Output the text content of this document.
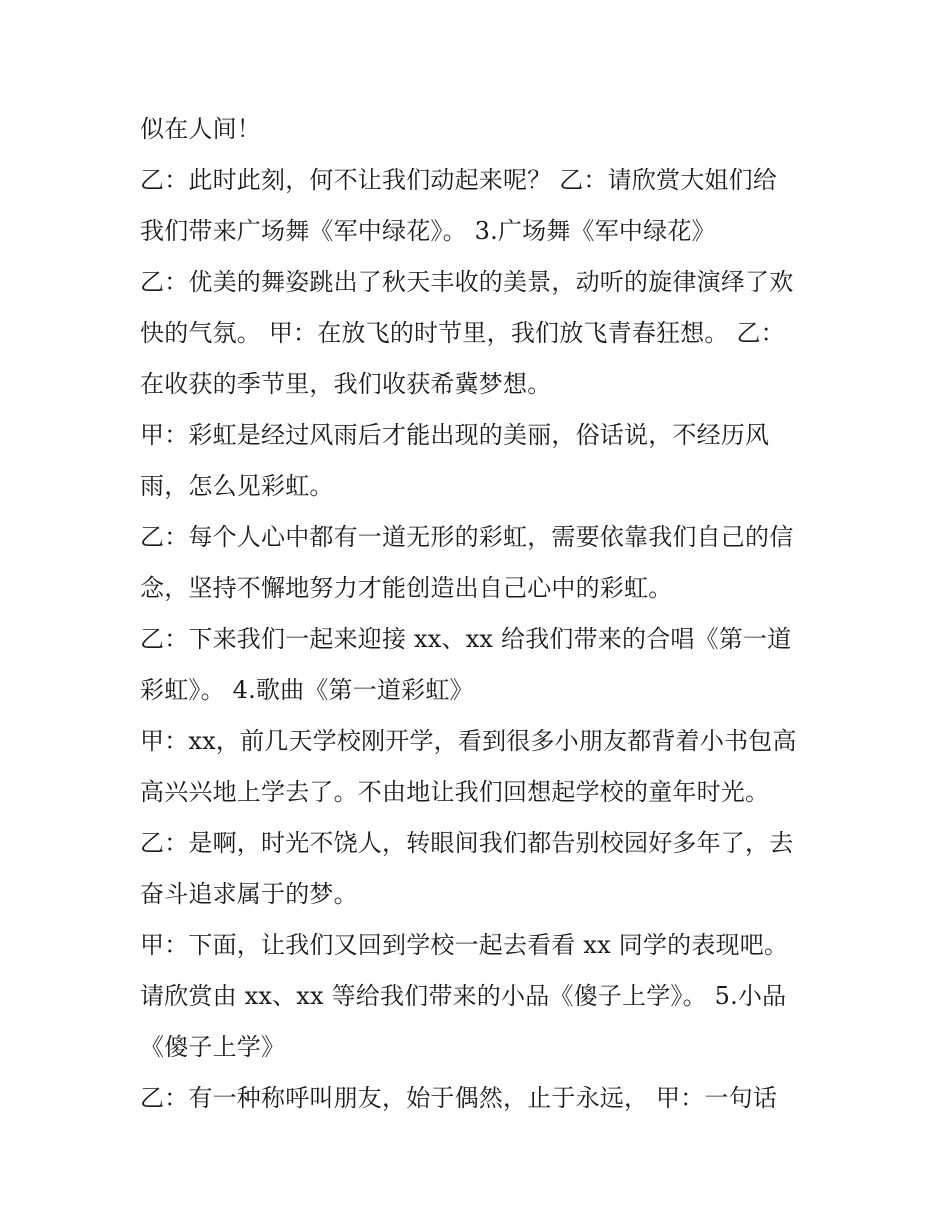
似在人间！
乙：此时此刻，何不让我们动起来呢？ 乙：请欣赏大姐们给
我们带来广场舞《军中绿花》。 3.广场舞《军中绿花》
乙：优美的舞姿跳出了秋天丰收的美景，动听的旋律演绎了欢
快的气氛。 甲：在放飞的时节里，我们放飞青春狂想。 乙：
在收获的季节里，我们收获希冀梦想。
甲：彩虹是经过风雨后才能出现的美丽，俗话说，不经历风
雨，怎么见彩虹。
乙：每个人心中都有一道无形的彩虹，需要依靠我们自己的信
念，坚持不懈地努力才能创造出自己心中的彩虹。
乙：下来我们一起来迎接 xx、xx 给我们带来的合唱《第一道
彩虹》。 4.歌曲《第一道彩虹》
甲：xx，前几天学校刚开学，看到很多小朋友都背着小书包高
高兴兴地上学去了。不由地让我们回想起学校的童年时光。
乙：是啊，时光不饶人，转眼间我们都告别校园好多年了，去
奋斗追求属于的梦。
甲：下面，让我们又回到学校一起去看看 xx 同学的表现吧。
请欣赏由 xx、xx 等给我们带来的小品《傻子上学》。 5.小品
《傻子上学》
乙：有一种称呼叫朋友，始于偶然，止于永远， 甲：一句话
